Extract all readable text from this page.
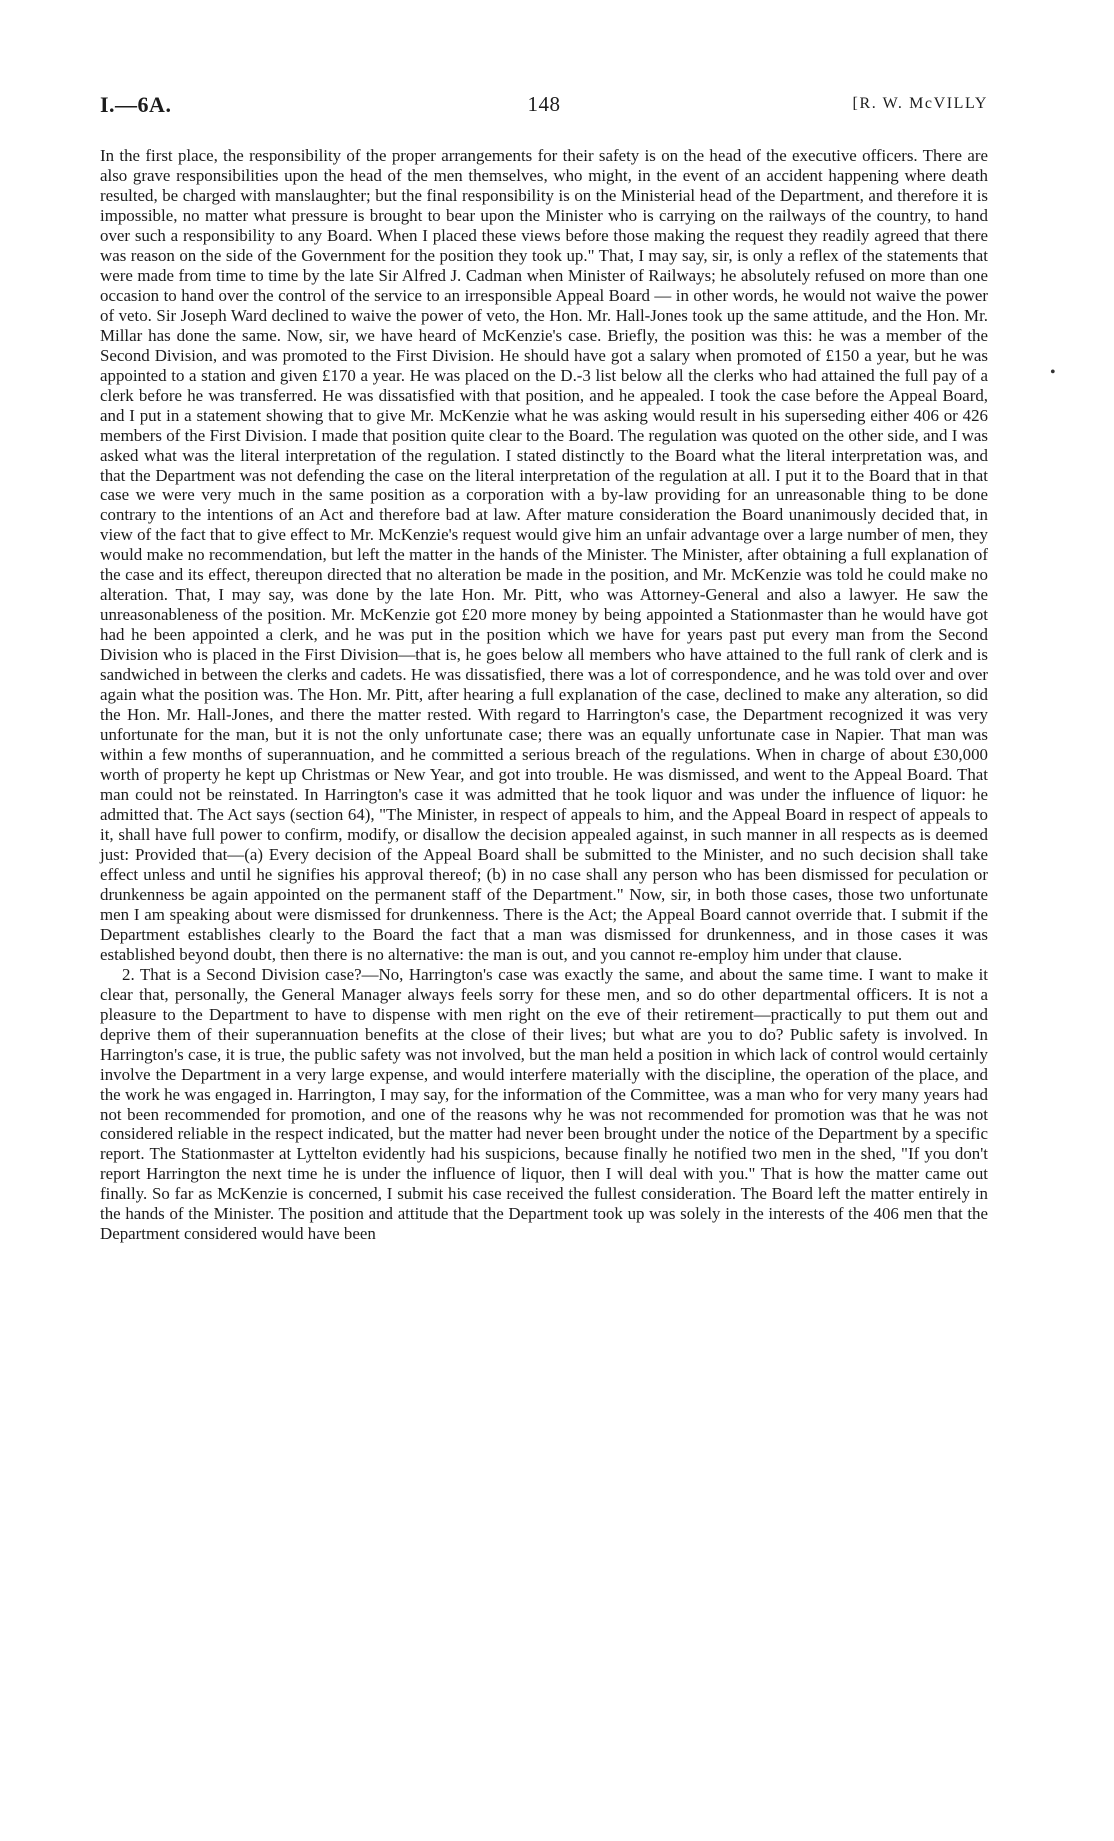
I.—6A.	148	[R. W. McVILLY

In the first place, the responsibility of the proper arrangements for their safety is on the head of the executive officers. There are also grave responsibilities upon the head of the men themselves, who might, in the event of an accident happening where death resulted, be charged with manslaughter; but the final responsibility is on the Ministerial head of the Department, and therefore it is impossible, no matter what pressure is brought to bear upon the Minister who is carrying on the railways of the country, to hand over such a responsibility to any Board. When I placed these views before those making the request they readily agreed that there was reason on the side of the Government for the position they took up." That, I may say, sir, is only a reflex of the statements that were made from time to time by the late Sir Alfred J. Cadman when Minister of Railways; he absolutely refused on more than one occasion to hand over the control of the service to an irresponsible Appeal Board — in other words, he would not waive the power of veto. Sir Joseph Ward declined to waive the power of veto, the Hon. Mr. Hall-Jones took up the same attitude, and the Hon. Mr. Millar has done the same. Now, sir, we have heard of McKenzie's case. Briefly, the position was this: he was a member of the Second Division, and was promoted to the First Division. He should have got a salary when promoted of £150 a year, but he was appointed to a station and given £170 a year. He was placed on the D.-3 list below all the clerks who had attained the full pay of a clerk before he was transferred. He was dissatisfied with that position, and he appealed. I took the case before the Appeal Board, and I put in a statement showing that to give Mr. McKenzie what he was asking would result in his superseding either 406 or 426 members of the First Division. I made that position quite clear to the Board. The regulation was quoted on the other side, and I was asked what was the literal interpretation of the regulation. I stated distinctly to the Board what the literal interpretation was, and that the Department was not defending the case on the literal interpretation of the regulation at all. I put it to the Board that in that case we were very much in the same position as a corporation with a by-law providing for an unreasonable thing to be done contrary to the intentions of an Act and therefore bad at law. After mature consideration the Board unanimously decided that, in view of the fact that to give effect to Mr. McKenzie's request would give him an unfair advantage over a large number of men, they would make no recommendation, but left the matter in the hands of the Minister. The Minister, after obtaining a full explanation of the case and its effect, thereupon directed that no alteration be made in the position, and Mr. McKenzie was told he could make no alteration. That, I may say, was done by the late Hon. Mr. Pitt, who was Attorney-General and also a lawyer. He saw the unreasonableness of the position. Mr. McKenzie got £20 more money by being appointed a Stationmaster than he would have got had he been appointed a clerk, and he was put in the position which we have for years past put every man from the Second Division who is placed in the First Division—that is, he goes below all members who have attained to the full rank of clerk and is sandwiched in between the clerks and cadets. He was dissatisfied, there was a lot of correspondence, and he was told over and over again what the position was. The Hon. Mr. Pitt, after hearing a full explanation of the case, declined to make any alteration, so did the Hon. Mr. Hall-Jones, and there the matter rested. With regard to Harrington's case, the Department recognized it was very unfortunate for the man, but it is not the only unfortunate case; there was an equally unfortunate case in Napier. That man was within a few months of superannuation, and he committed a serious breach of the regulations. When in charge of about £30,000 worth of property he kept up Christmas or New Year, and got into trouble. He was dismissed, and went to the Appeal Board. That man could not be reinstated. In Harrington's case it was admitted that he took liquor and was under the influence of liquor: he admitted that. The Act says (section 64), "The Minister, in respect of appeals to him, and the Appeal Board in respect of appeals to it, shall have full power to confirm, modify, or disallow the decision appealed against, in such manner in all respects as is deemed just: Provided that—(a) Every decision of the Appeal Board shall be submitted to the Minister, and no such decision shall take effect unless and until he signifies his approval thereof; (b) in no case shall any person who has been dismissed for peculation or drunkenness be again appointed on the permanent staff of the Department." Now, sir, in both those cases, those two unfortunate men I am speaking about were dismissed for drunkenness. There is the Act; the Appeal Board cannot override that. I submit if the Department establishes clearly to the Board the fact that a man was dismissed for drunkenness, and in those cases it was established beyond doubt, then there is no alternative: the man is out, and you cannot re-employ him under that clause.

2. That is a Second Division case?—No, Harrington's case was exactly the same, and about the same time. I want to make it clear that, personally, the General Manager always feels sorry for these men, and so do other departmental officers. It is not a pleasure to the Department to have to dispense with men right on the eve of their retirement—practically to put them out and deprive them of their superannuation benefits at the close of their lives; but what are you to do? Public safety is involved. In Harrington's case, it is true, the public safety was not involved, but the man held a position in which lack of control would certainly involve the Department in a very large expense, and would interfere materially with the discipline, the operation of the place, and the work he was engaged in. Harrington, I may say, for the information of the Committee, was a man who for very many years had not been recommended for promotion, and one of the reasons why he was not recommended for promotion was that he was not considered reliable in the respect indicated, but the matter had never been brought under the notice of the Department by a specific report. The Stationmaster at Lyttelton evidently had his suspicions, because finally he notified two men in the shed, "If you don't report Harrington the next time he is under the influence of liquor, then I will deal with you." That is how the matter came out finally. So far as McKenzie is concerned, I submit his case received the fullest consideration. The Board left the matter entirely in the hands of the Minister. The position and attitude that the Department took up was solely in the interests of the 406 men that the Department considered would have been

•
